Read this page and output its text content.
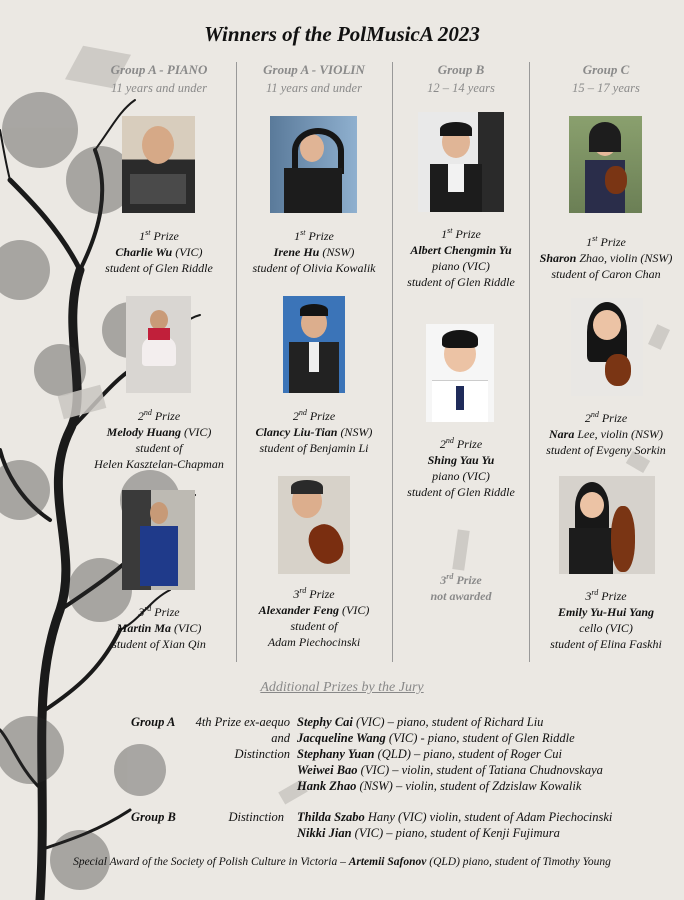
Winners of the PolMusicA 2023
Group A - PIANO
11 years and under
1st Prize
Charlie Wu (VIC)
student of Glen Riddle
2nd Prize
Melody Huang (VIC)
student of
Helen Kasztelan-Chapman
3rd Prize
Martin Ma (VIC)
student of Xian Qin
Group A - VIOLIN
11 years and under
1st Prize
Irene Hu (NSW)
student of Olivia Kowalik
2nd Prize
Clancy Liu-Tian (NSW)
student of Benjamin Li
3rd Prize
Alexander Feng (VIC)
student of
Adam Piechocinski
Group B
12 – 14 years
1st Prize
Albert Chengmin Yu
piano (VIC)
student of Glen Riddle
2nd Prize
Shing Yau Yu
piano (VIC)
student of Glen Riddle
3rd Prize
not awarded
Group C
15 – 17 years
1st Prize
Sharon Zhao, violin (NSW)
student of Caron Chan
2nd Prize
Nara Lee, violin (NSW)
student of Evgeny Sorkin
3rd Prize
Emily Yu-Hui Yang
cello (VIC)
student of Elina Faskhi
Additional Prizes by the Jury
Group A 4th Prize ex-aequo
and
Distinction
Stephy Cai (VIC) – piano, student of Richard Liu
Jacqueline Wang (VIC) - piano, student of Glen Riddle
Stephany Yuan (QLD) – piano, student of Roger Cui
Weiwei Bao (VIC) – violin, student of Tatiana Chudnovskaya
Hank Zhao (NSW) – violin, student of Zdzislaw Kowalik
Group B	Distinction Thilda Szabo Hany (VIC) violin, student of Adam Piechocinski
Nikki Jian (VIC) – piano, student of Kenji Fujimura
Special Award of the Society of Polish Culture in Victoria – Artemii Safonov (QLD) piano, student of Timothy Young
